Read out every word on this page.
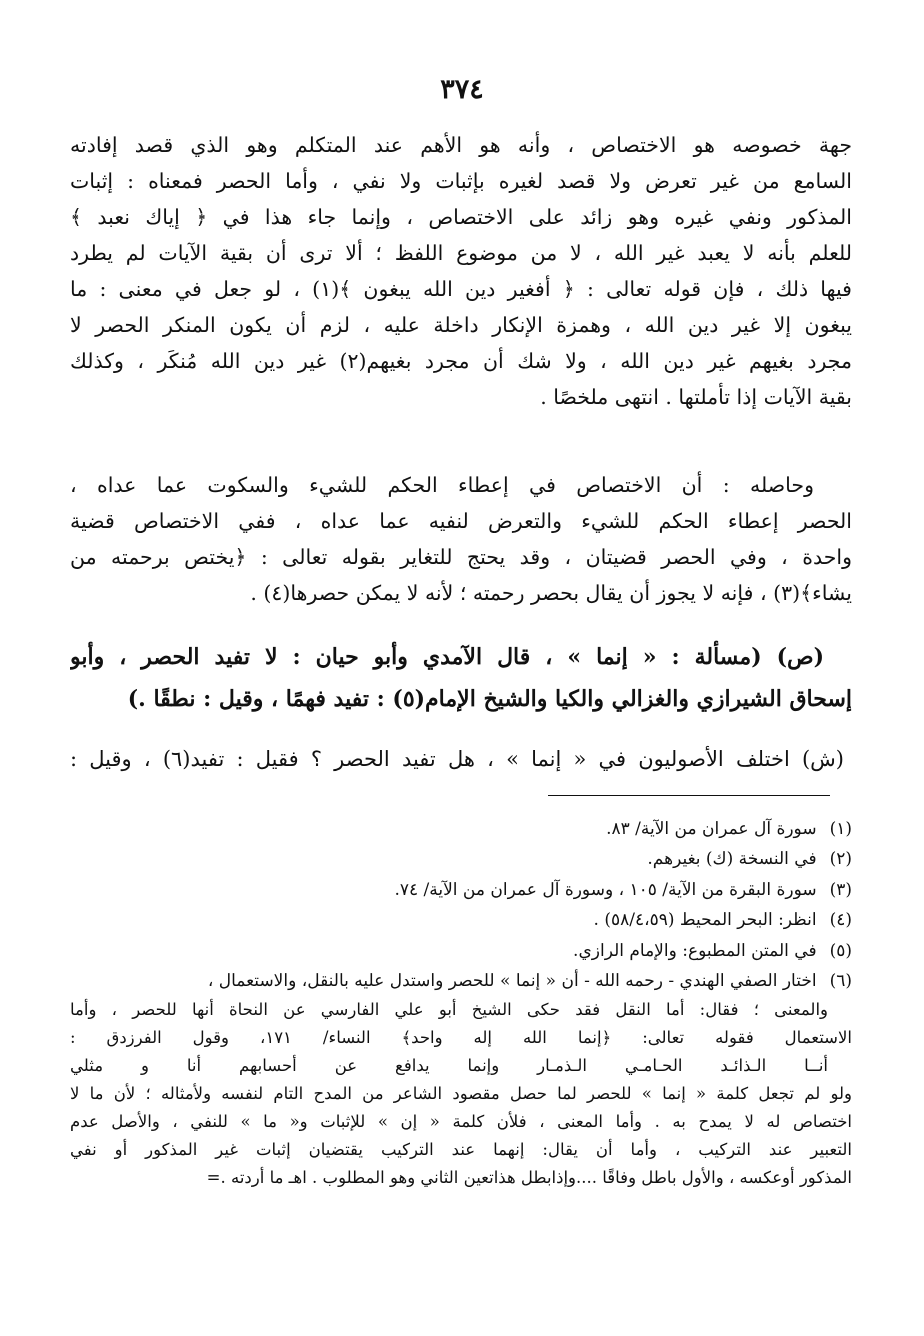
٣٧٤
جهة خصوصه هو الاختصاص ، وأنه هو الأهم عند المتكلم وهو الذي قصد إفادته
السامع من غير تعرض ولا قصد لغيره بإثبات ولا نفي ، وأما الحصر فمعناه : إثبات
المذكور ونفي غيره وهو زائد على الاختصاص ، وإنما جاء هذا في ﴿ إياك نعبد ﴾
للعلم بأنه لا يعبد غير الله ، لا من موضوع اللفظ ؛ ألا ترى أن بقية الآيات لم يطرد
فيها ذلك ، فإن قوله تعالى : ﴿ أفغير دين الله يبغون ﴾(١) ، لو جعل في معنى : ما
يبغون إلا غير دين الله ، وهمزة الإنكار داخلة عليه ، لزم أن يكون المنكر الحصر لا
مجرد بغيهم غير دين الله ، ولا شك أن مجرد بغيهم(٢) غير دين الله مُنكَر ، وكذلك
بقية الآيات إذا تأملتها . انتهى ملخصًا .
وحاصله : أن الاختصاص في إعطاء الحكم للشيء والسكوت عما عداه ،
الحصر إعطاء الحكم للشيء والتعرض لنفيه عما عداه ، ففي الاختصاص قضية
واحدة ، وفي الحصر قضيتان ، وقد يحتج للتغاير بقوله تعالى : ﴿يختص برحمته من
يشاء﴾(٣) ، فإنه لا يجوز أن يقال بحصر رحمته ؛ لأنه لا يمكن حصرها(٤) .
(ص) (مسألة : « إنما » ، قال الآمدي وأبو حيان : لا تفيد الحصر ، وأبو
إسحاق الشيرازي والغزالي والكيا والشيخ الإمام(٥) : تفيد فهمًا ، وقيل : نطقًا .)
(ش) اختلف الأصوليون في « إنما » ، هل تفيد الحصر ؟ فقيل : تفيد(٦) ، وقيل :
(١) سورة آل عمران من الآية/ ٨٣.
(٢) في النسخة (ك) بغيرهم.
(٣) سورة البقرة من الآية/ ١٠٥ ، وسورة آل عمران من الآية/ ٧٤.
(٤) انظر: البحر المحيط (٥٨/٤،٥٩) .
(٥) في المتن المطبوع: والإمام الرازي.
(٦) اختار الصفي الهندي - رحمه الله - أن « إنما » للحصر واستدل عليه بالنقل، والاستعمال ،
والمعنى ؛ فقال: أما النقل فقد حكى الشيخ أبو علي الفارسي عن النحاة أنها للحصر ، وأما
الاستعمال فقوله تعالى: ﴿إنما الله إله واحد﴾ النساء/ ١٧١، وقول الفرزدق :
أنــا الـذائـد الحـامـي الـذمـار وإنما يدافع عن أحسابهم أنا و مثلي
ولو لم تجعل كلمة « إنما » للحصر لما حصل مقصود الشاعر من المدح التام لنفسه ولأمثاله ؛ لأن ما لا
اختصاص له لا يمدح به . وأما المعنى ، فلأن كلمة « إن » للإثبات و« ما » للنفي ، والأصل عدم
التعبير عند التركيب ، وأما أن يقال: إنهما عند التركيب يقتضيان إثبات غير المذكور أو نفي
المذكور أوعكسه ، والأول باطل وفاقًا ....وإذابطل هذاتعين الثاني وهو المطلوب . اهـ ما أردته .=
